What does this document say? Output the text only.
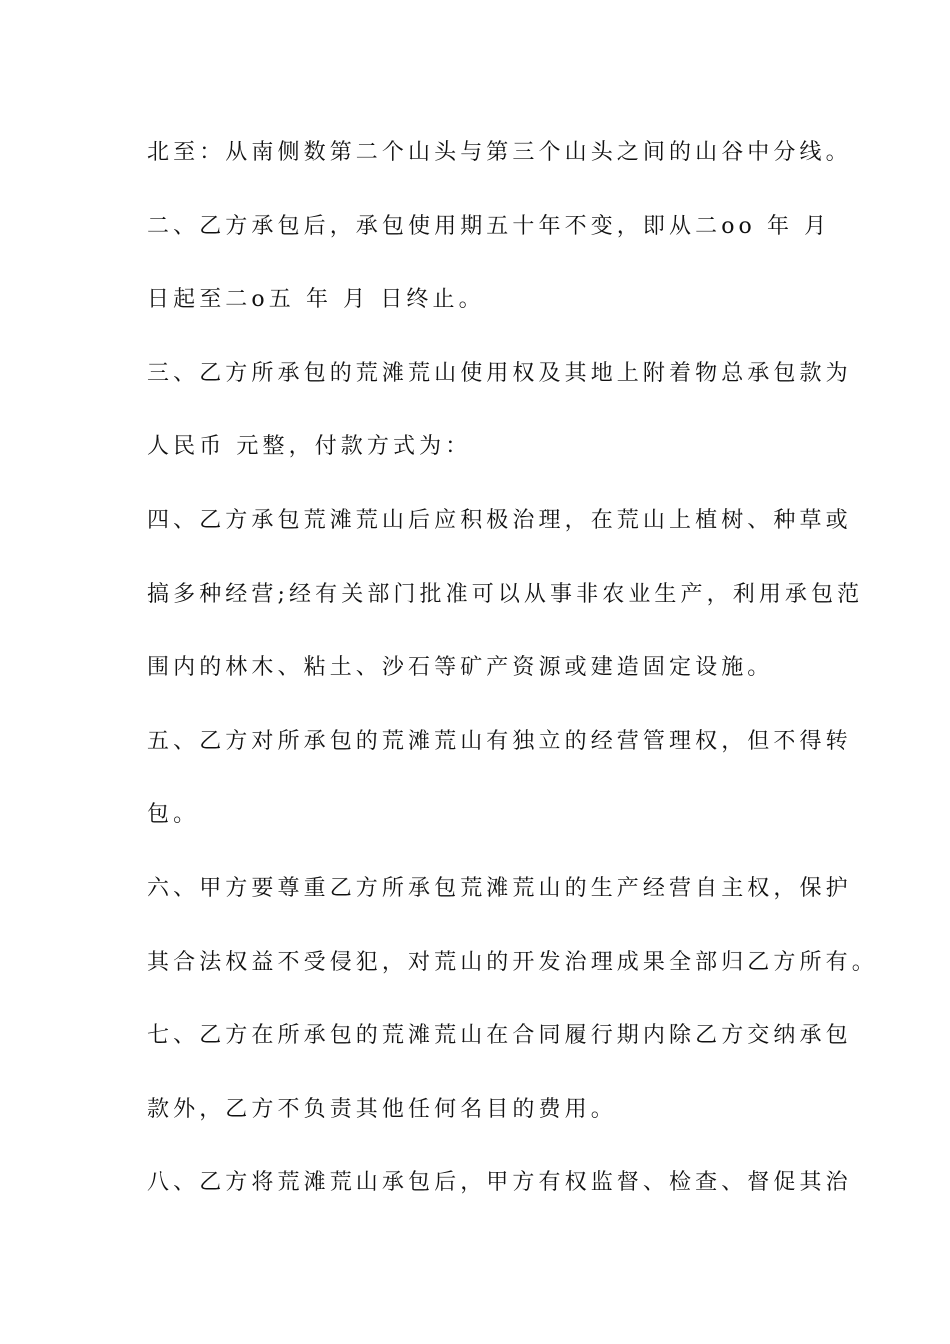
北至：从南侧数第二个山头与第三个山头之间的山谷中分线。
二、乙方承包后，承包使用期五十年不变，即从二oo 年 月
日起至二o五 年 月 日终止。
三、乙方所承包的荒滩荒山使用权及其地上附着物总承包款为
人民币 元整，付款方式为：
四、乙方承包荒滩荒山后应积极治理，在荒山上植树、种草或
搞多种经营;经有关部门批准可以从事非农业生产，利用承包范
围内的林木、粘土、沙石等矿产资源或建造固定设施。
五、乙方对所承包的荒滩荒山有独立的经营管理权，但不得转
包。
六、甲方要尊重乙方所承包荒滩荒山的生产经营自主权，保护
其合法权益不受侵犯，对荒山的开发治理成果全部归乙方所有。
七、乙方在所承包的荒滩荒山在合同履行期内除乙方交纳承包
款外，乙方不负责其他任何名目的费用。
八、乙方将荒滩荒山承包后，甲方有权监督、检查、督促其治
